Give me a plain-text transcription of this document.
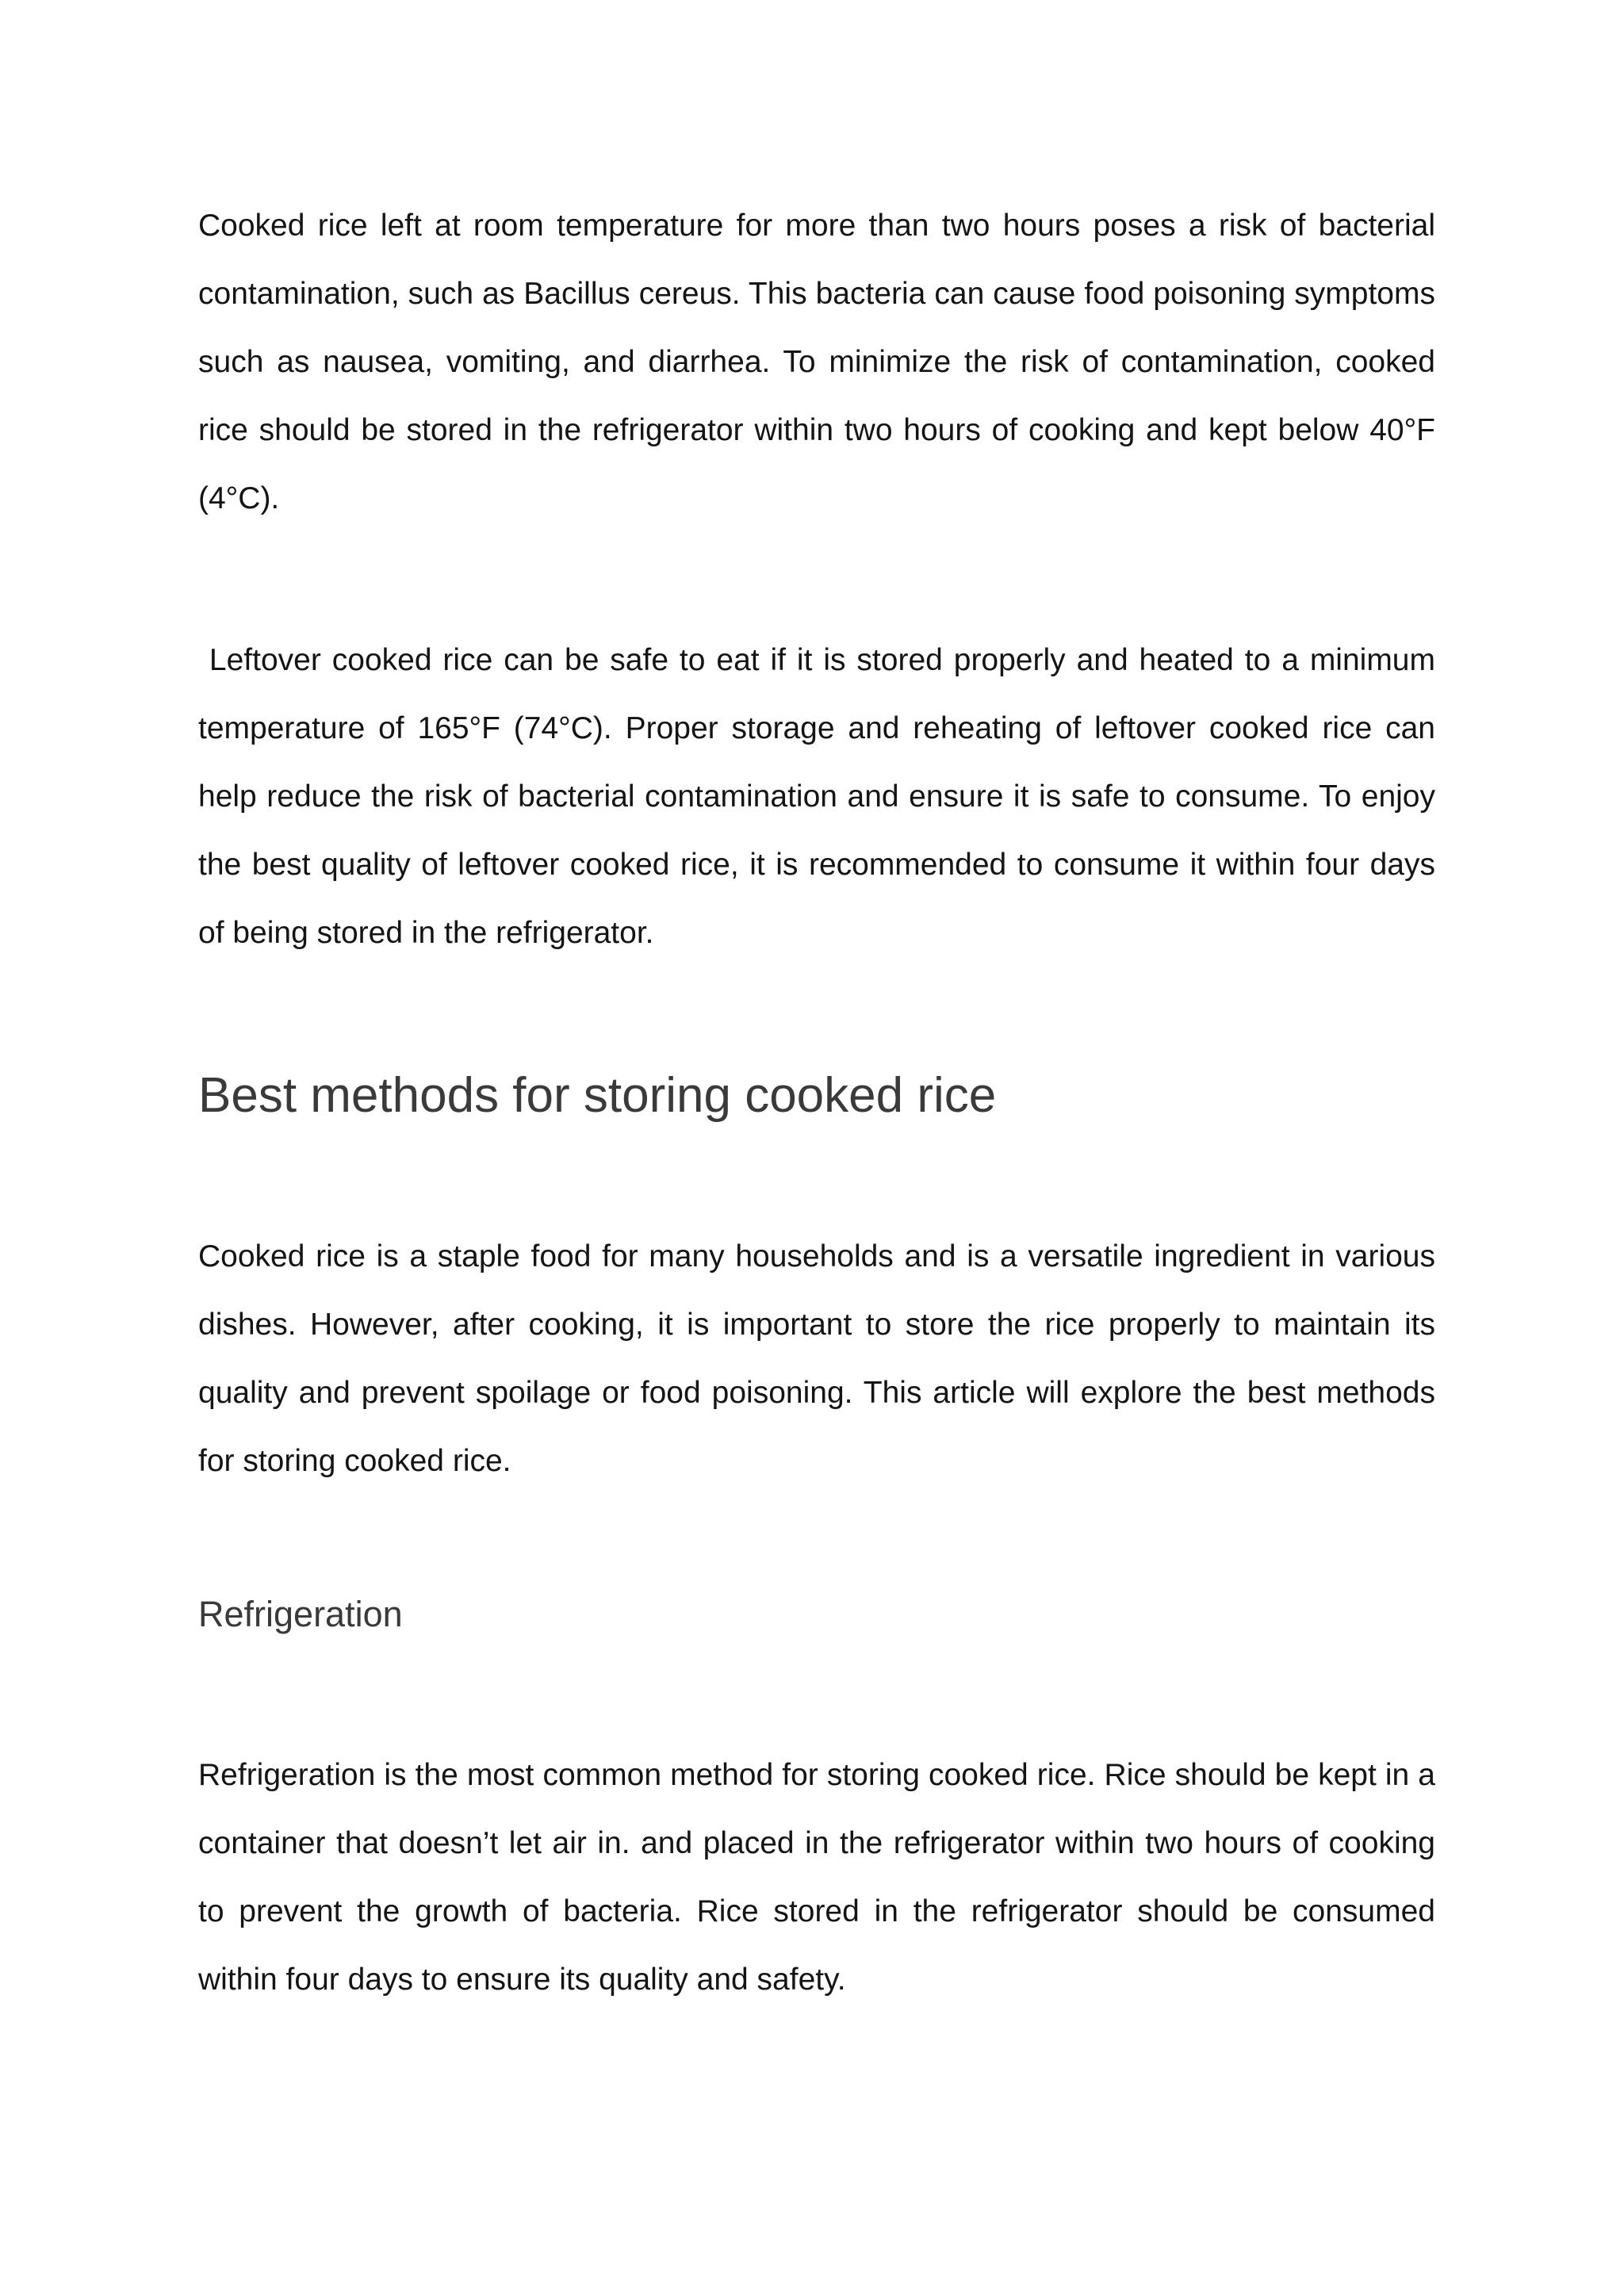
Cooked rice left at room temperature for more than two hours poses a risk of bacterial contamination, such as Bacillus cereus. This bacteria can cause food poisoning symptoms such as nausea, vomiting, and diarrhea. To minimize the risk of contamination, cooked rice should be stored in the refrigerator within two hours of cooking and kept below 40°F (4°C).

Leftover cooked rice can be safe to eat if it is stored properly and heated to a minimum temperature of 165°F (74°C). Proper storage and reheating of leftover cooked rice can help reduce the risk of bacterial contamination and ensure it is safe to consume. To enjoy the best quality of leftover cooked rice, it is recommended to consume it within four days of being stored in the refrigerator.

Best methods for storing cooked rice

Cooked rice is a staple food for many households and is a versatile ingredient in various dishes. However, after cooking, it is important to store the rice properly to maintain its quality and prevent spoilage or food poisoning. This article will explore the best methods for storing cooked rice.

Refrigeration

Refrigeration is the most common method for storing cooked rice. Rice should be kept in a container that doesn’t let air in. and placed in the refrigerator within two hours of cooking to prevent the growth of bacteria. Rice stored in the refrigerator should be consumed within four days to ensure its quality and safety.
